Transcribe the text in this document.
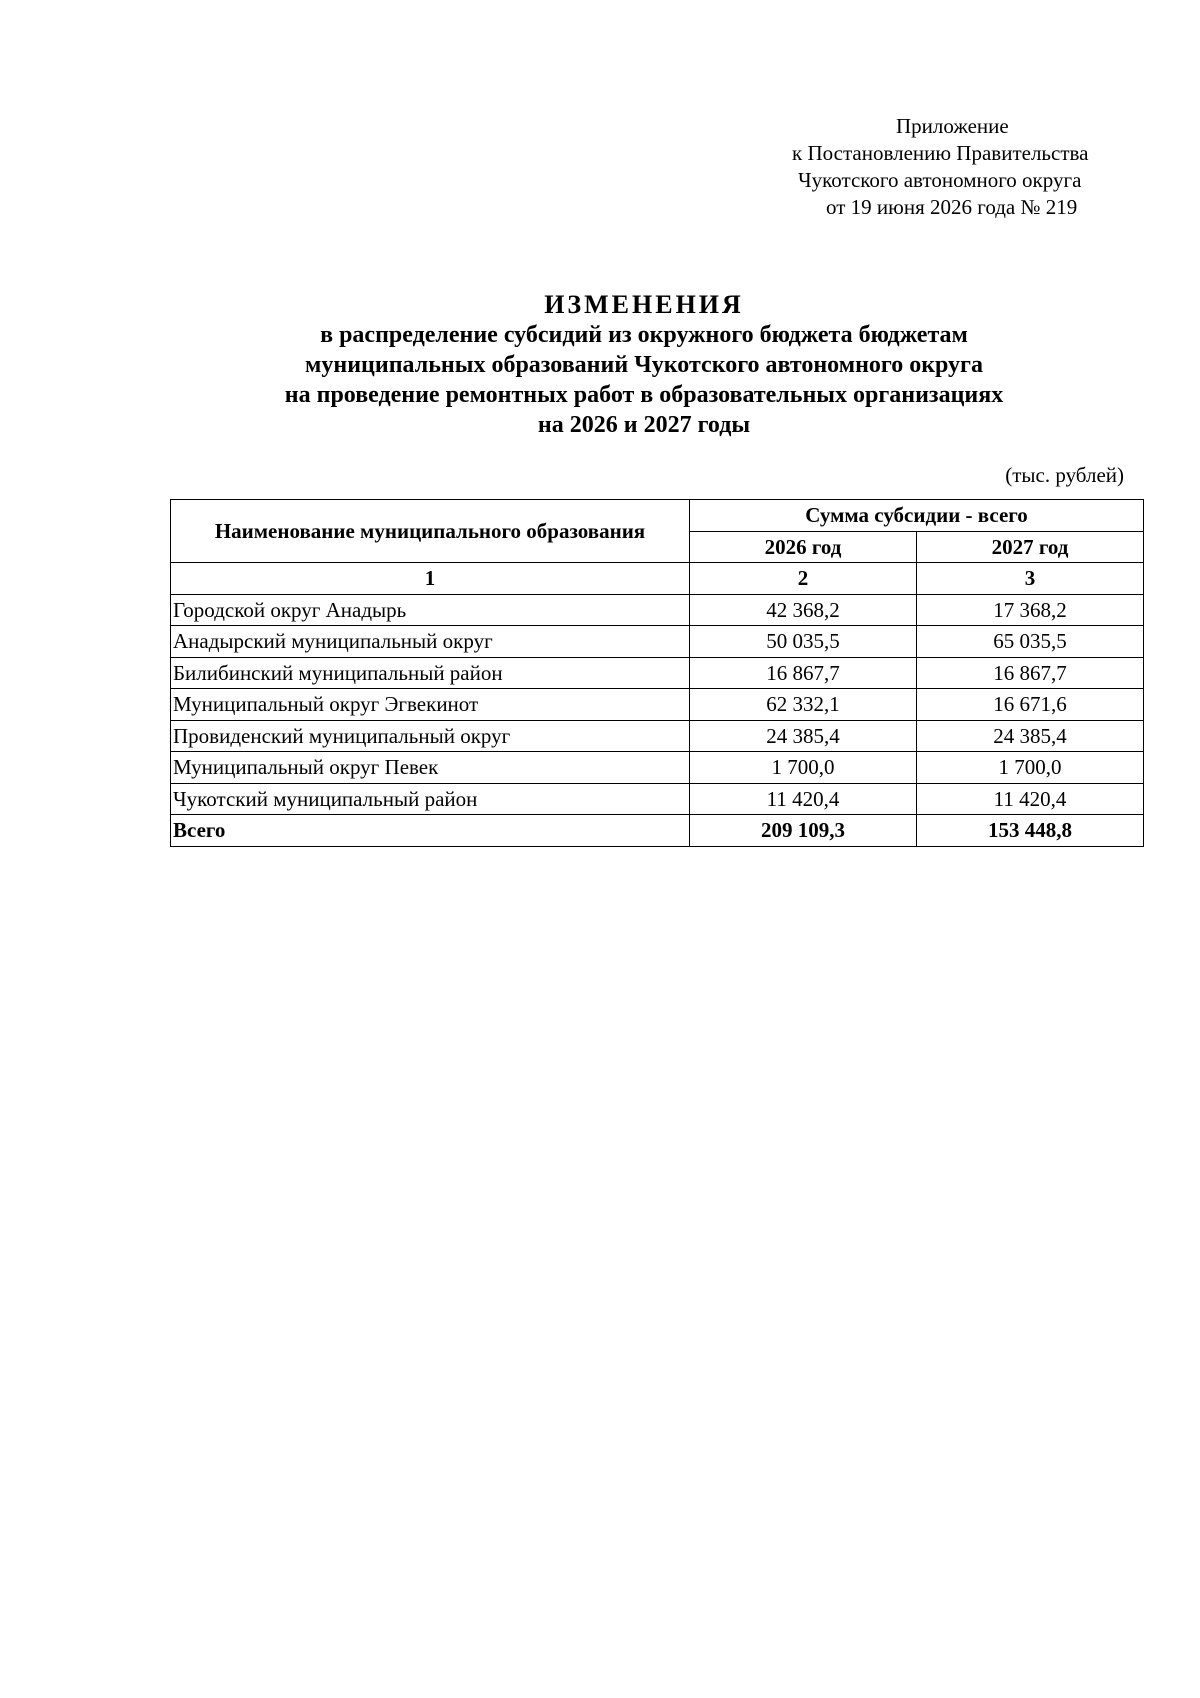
Приложение
к Постановлению Правительства
Чукотского автономного округа
от 19 июня 2026 года № 219
ИЗМЕНЕНИЯ
в распределение субсидий из окружного бюджета бюджетам
муниципальных образований Чукотского автономного округа
на проведение ремонтных работ в образовательных организациях
на 2026 и 2027 годы
(тыс. рублей)
Наименование муниципального образования	Сумма субсидии - всего	
	2026 год	2027 год
1	2	3
Городской округ Анадырь	42 368,2	17 368,2
Анадырский муниципальный округ	50 035,5	65 035,5
Билибинский муниципальный район	16 867,7	16 867,7
Муниципальный округ Эгвекинот	62 332,1	16 671,6
Провиденский муниципальный округ	24 385,4	24 385,4
Муниципальный округ Певек	1 700,0	1 700,0
Чукотский муниципальный район	11 420,4	11 420,4
Всего	209 109,3	153 448,8
